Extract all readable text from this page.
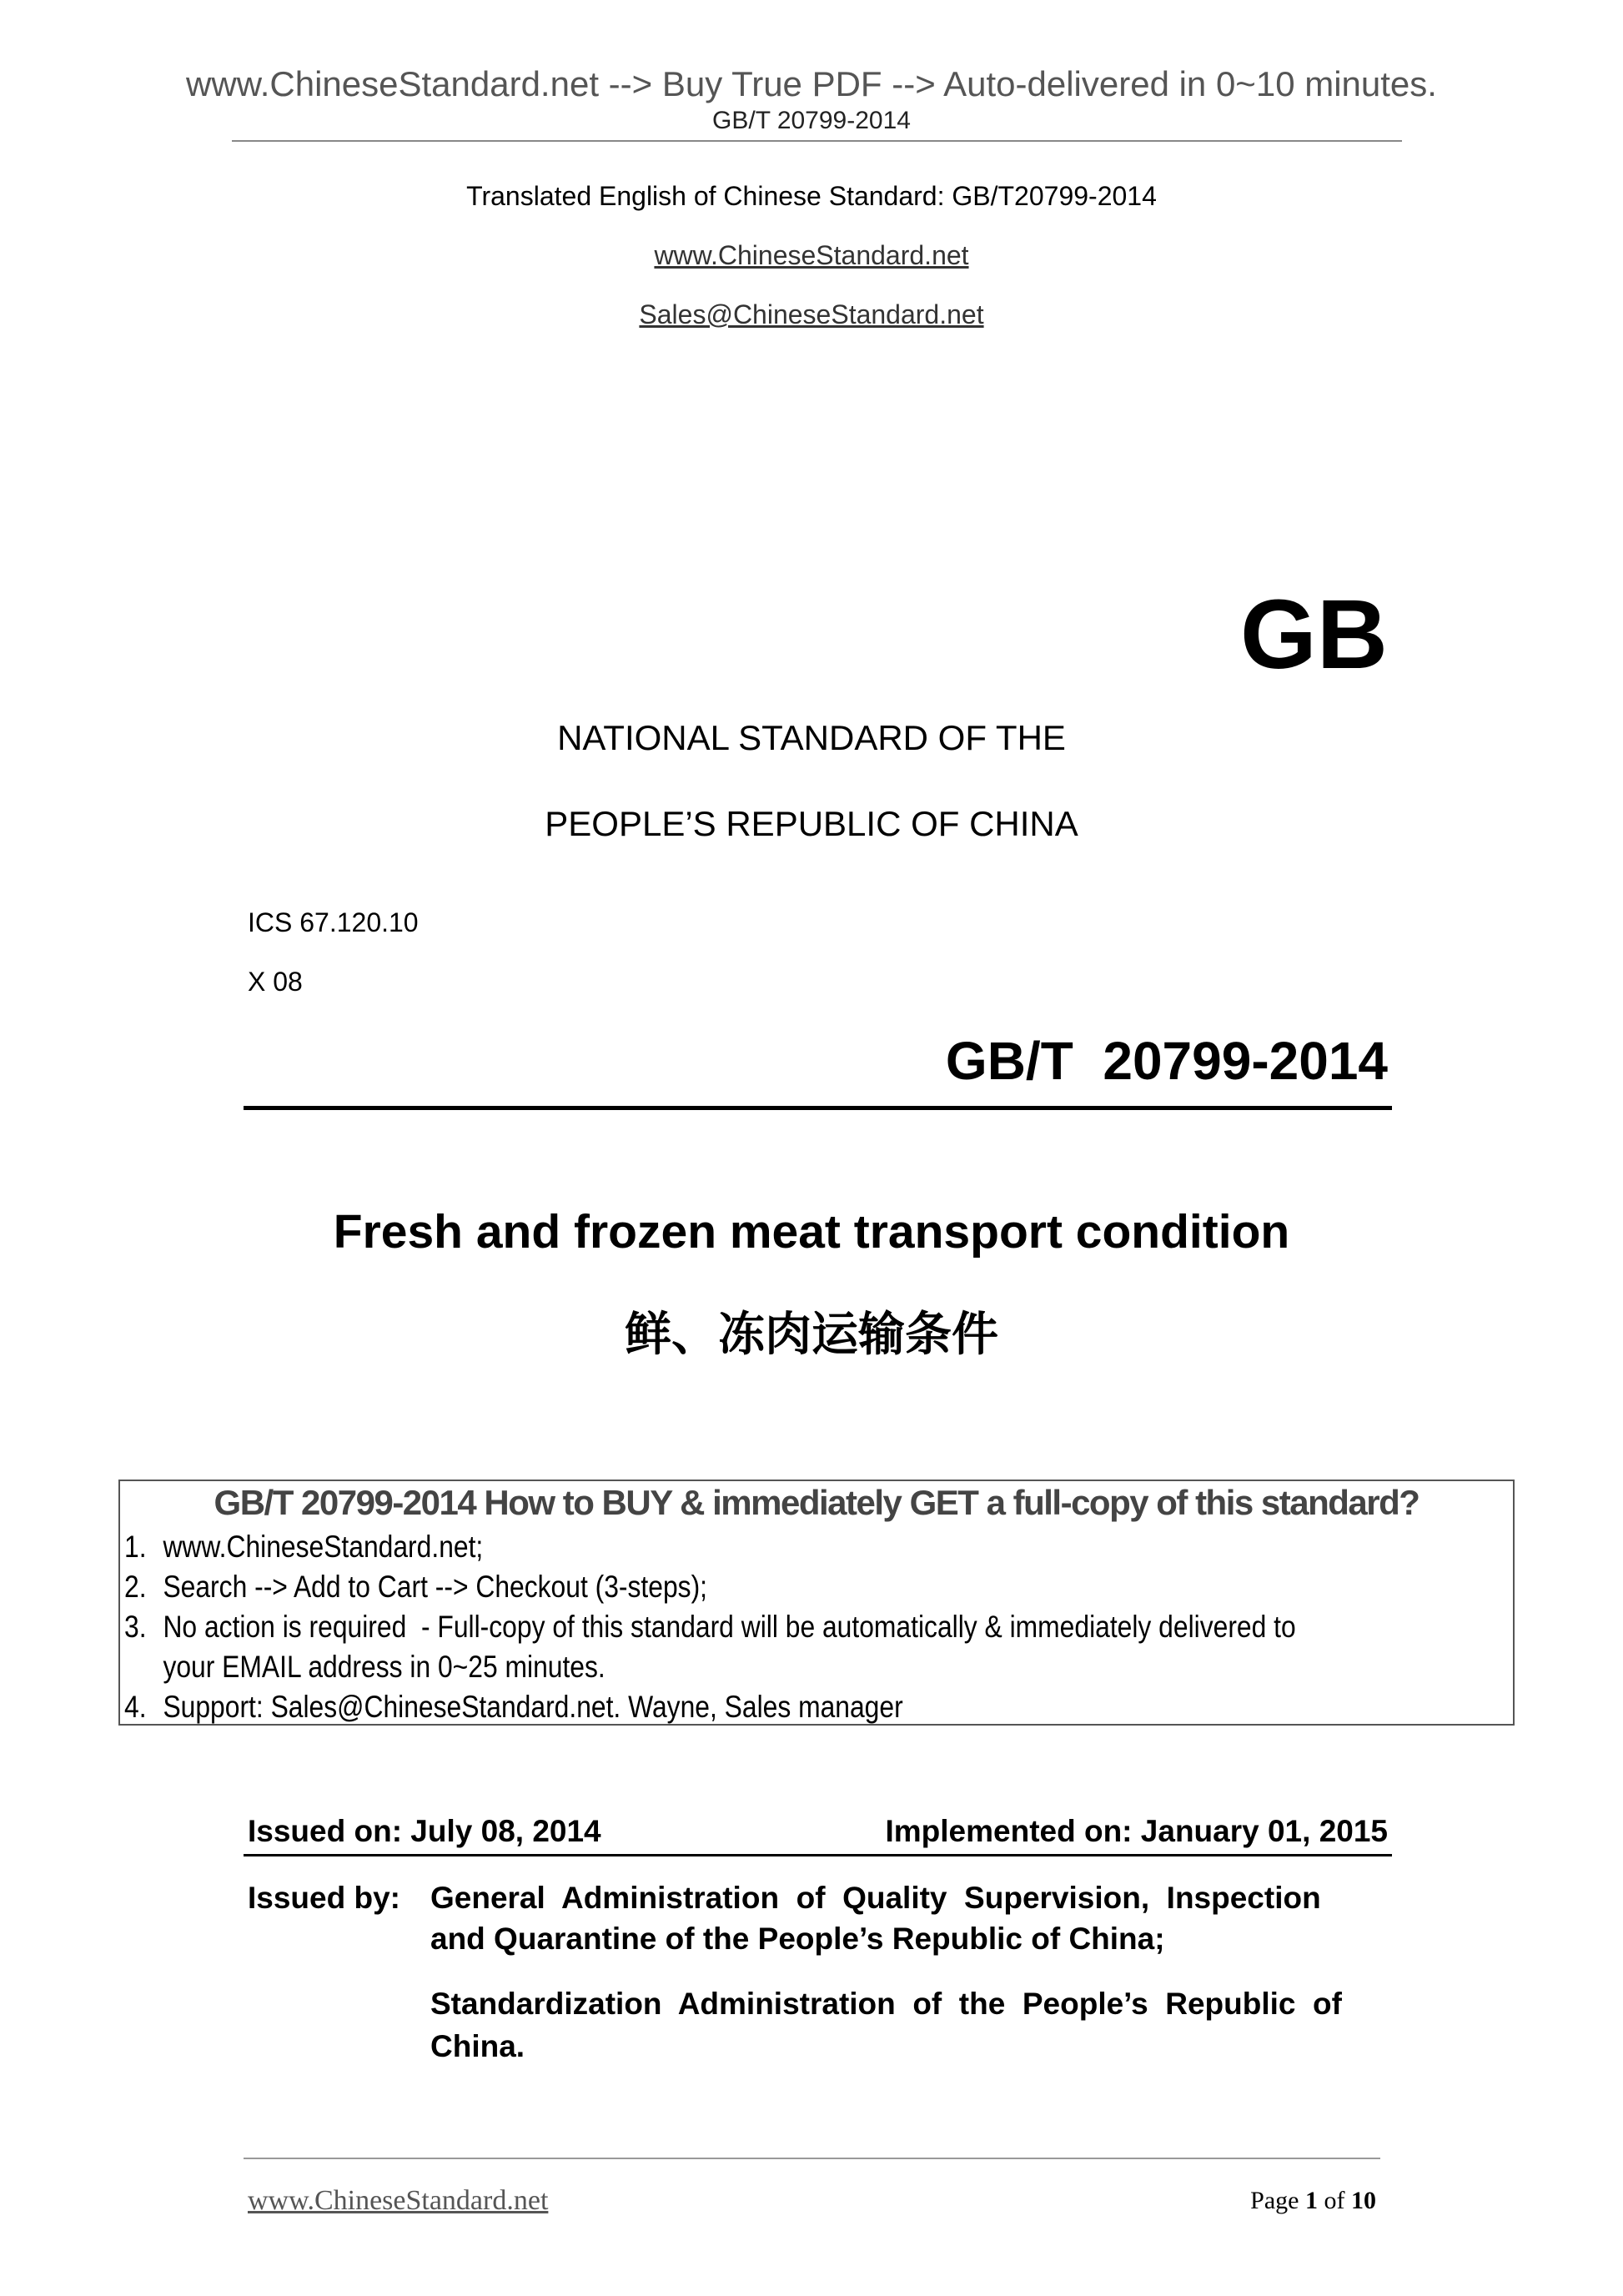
www.ChineseStandard.net --> Buy True PDF --> Auto-delivered in 0~10 minutes.
GB/T 20799-2014
Translated English of Chinese Standard: GB/T20799-2014
www.ChineseStandard.net
Sales@ChineseStandard.net
GB
NATIONAL STANDARD OF THE
PEOPLE’S REPUBLIC OF CHINA
ICS 67.120.10
X 08
GB/T  20799-2014
Fresh and frozen meat transport condition
鲜、冻肉运输条件
GB/T 20799-2014 How to BUY & immediately GET a full-copy of this standard?
1. www.ChineseStandard.net;
2. Search --> Add to Cart --> Checkout (3-steps);
3. No action is required  - Full-copy of this standard will be automatically & immediately delivered to
your EMAIL address in 0~25 minutes.
4. Support: Sales@ChineseStandard.net. Wayne, Sales manager
Issued on: July 08, 2014	Implemented on: January 01, 2015
Issued by: General  Administration  of  Quality  Supervision,  Inspection
and Quarantine of the People’s Republic of China;
Standardization  Administration  of  the  People’s  Republic  of
China.
www.ChineseStandard.net	Page 1 of 10
